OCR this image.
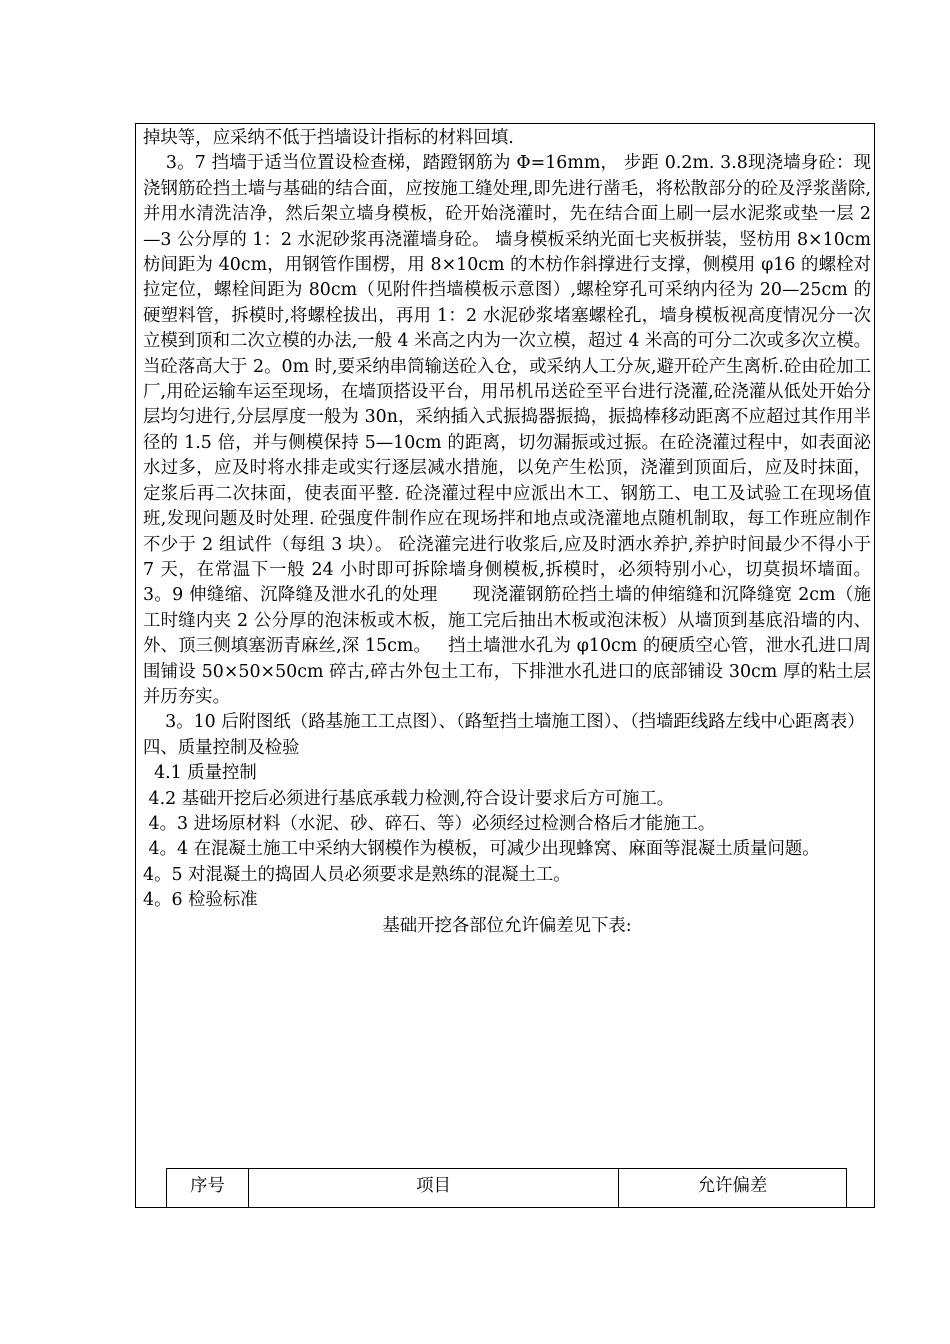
掉块等，应采纳不低于挡墙设计指标的材料回填.

3。7 挡墙于适当位置设检查梯，踏蹬钢筋为 Φ=16mm， 步距 0.2m. 3.8现浇墙身砼：现浇钢筋砼挡土墙与基础的结合面，应按施工缝处理,即先进行凿毛，将松散部分的砼及浮浆凿除,并用水清洗洁净，然后架立墙身模板，砼开始浇灌时，先在结合面上刷一层水泥浆或垫一层 2—3 公分厚的 1：2 水泥砂浆再浇灌墙身砼。 墙身模板采纳光面七夹板拼装，竖枋用 8×10cm 枋间距为 40cm，用钢管作围楞，用 8×10cm 的木枋作斜撑进行支撑，侧模用 φ16 的螺栓对拉定位，螺栓间距为 80cm（见附件挡墙模板示意图）,螺栓穿孔可采纳内径为 20—25cm 的硬塑料管，拆模时,将螺栓拔出，再用 1：2 水泥砂浆堵塞螺栓孔，墙身模板视高度情况分一次立模到顶和二次立模的办法,一般 4 米高之内为一次立模，超过 4 米高的可分二次或多次立模。当砼落高大于 2。0m 时,要采纳串筒输送砼入仓，或采纳人工分灰,避开砼产生离析.砼由砼加工厂,用砼运输车运至现场，在墙顶搭设平台，用吊机吊送砼至平台进行浇灌,砼浇灌从低处开始分层均匀进行,分层厚度一般为 30n，采纳插入式振捣器振捣，振捣棒移动距离不应超过其作用半径的 1.5 倍，并与侧模保持 5—10cm 的距离，切勿漏振或过振。在砼浇灌过程中，如表面泌水过多，应及时将水排走或实行逐层减水措施，以免产生松顶，浇灌到顶面后，应及时抹面，定浆后再二次抹面，使表面平整. 砼浇灌过程中应派出木工、钢筋工、电工及试验工在现场值班,发现问题及时处理. 砼强度件制作应在现场拌和地点或浇灌地点随机制取，每工作班应制作不少于 2 组试件（每组 3 块）。 砼浇灌完进行收浆后,应及时洒水养护,养护时间最少不得小于 7 天，在常温下一般 24 小时即可拆除墙身侧模板,拆模时，必须特别小心，切莫损坏墙面。   3。9 伸缝缩、沉降缝及泄水孔的处理      现浇灌钢筋砼挡土墙的伸缩缝和沉降缝宽 2cm（施工时缝内夹 2 公分厚的泡沫板或木板，施工完后抽出木板或泡沫板）从墙顶到基底沿墙的内、外、顶三侧填塞沥青麻丝,深 15cm。   挡土墙泄水孔为 φ10cm 的硬质空心管，泄水孔进口周围铺设 50×50×50cm 碎古,碎古外包土工布，下排泄水孔进口的底部铺设 30cm 厚的粘土层并历夯实。

3。10 后附图纸（路基施工工点图）、（路堑挡土墙施工图）、（挡墙距线路左线中心距离表）

四、质量控制及检验

4.1 质量控制

4.2 基础开挖后必须进行基底承载力检测,符合设计要求后方可施工。

4。3 进场原材料（水泥、砂、碎石、等）必须经过检测合格后才能施工。

4。4 在混凝土施工中采纳大钢模作为模板，可减少出现蜂窝、麻面等混凝土质量问题。

4。5 对混凝土的捣固人员必须要求是熟练的混凝土工。

4。6 检验标准

基础开挖各部位允许偏差见下表:

序号	项目	允许偏差
